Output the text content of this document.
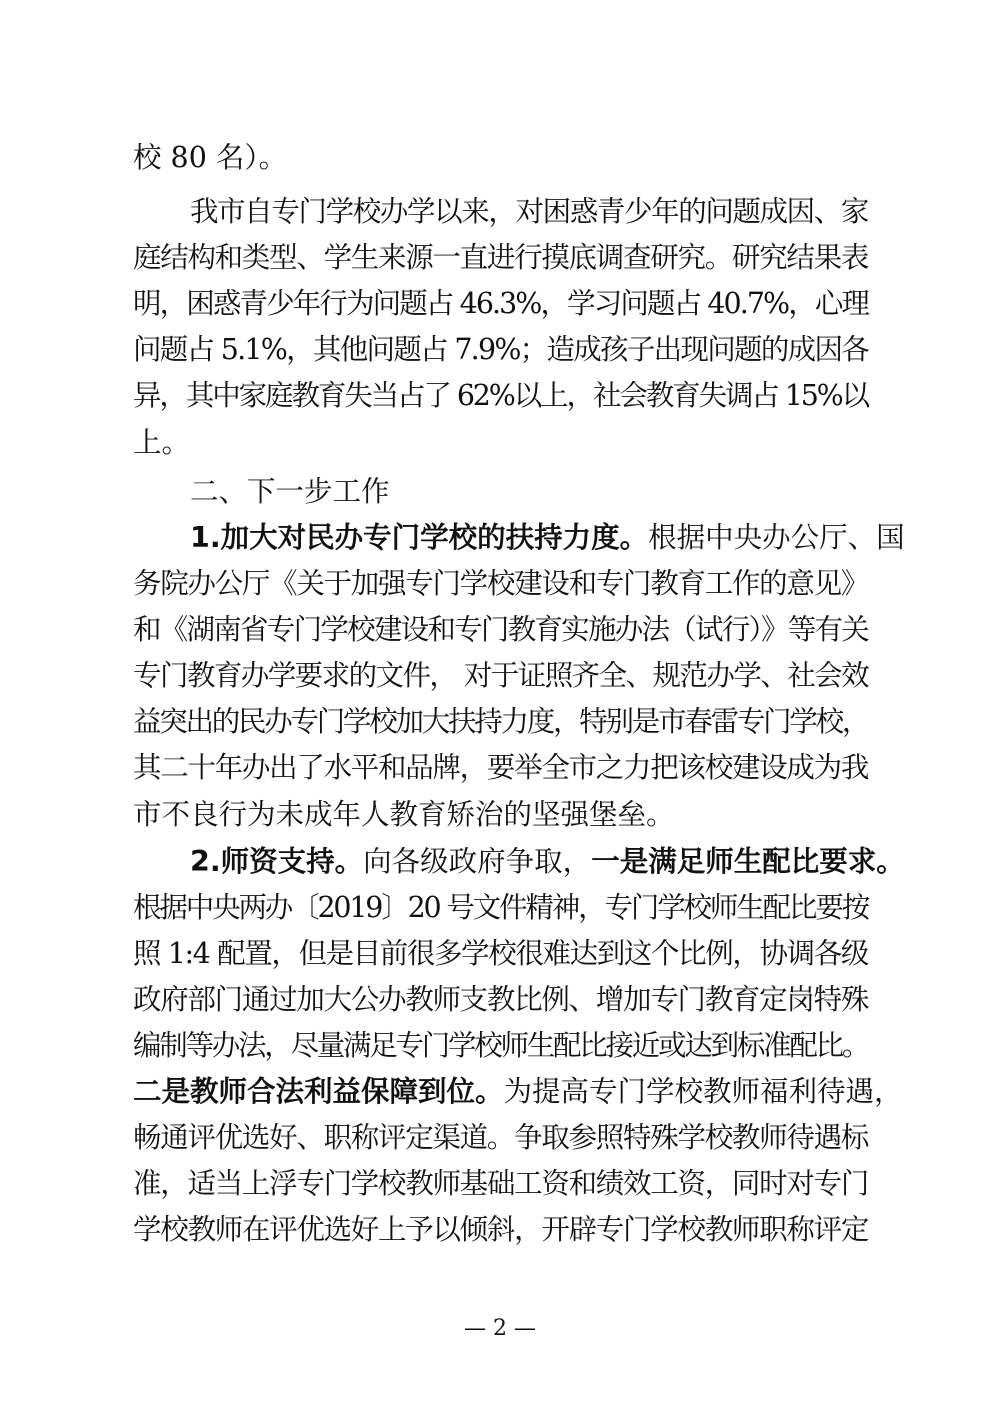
校 80 名）。
我市自专门学校办学以来，对困惑青少年的问题成因、家
庭结构和类型、学生来源一直进行摸底调查研究。研究结果表
明，困惑青少年行为问题占 46.3%，学习问题占 40.7%，心理
问题占 5.1%，其他问题占 7.9%；造成孩子出现问题的成因各
异，其中家庭教育失当占了 62%以上，社会教育失调占 15%以
上。
二、下一步工作
1.加大对民办专门学校的扶持力度。 根据中央办公厅、国
务院办公厅《关于加强专门学校建设和专门教育工作的意见》
和《湖南省专门学校建设和专门教育实施办法（试行）》等有关
专门教育办学要求的文件， 对于证照齐全、规范办学、社会效
益突出的民办专门学校加大扶持力度，特别是市春雷专门学校，
其二十年办出了水平和品牌，要举全市之力把该校建设成为我
市不良行为未成年人教育矫治的坚强堡垒。
2.师资支持。 向各级政府争取， 一是满足师生配比要求。
根据中央两办〔2019〕20 号文件精神，专门学校师生配比要按
照 1:4 配置，但是目前很多学校很难达到这个比例，协调各级
政府部门通过加大公办教师支教比例、增加专门教育定岗特殊
编制等办法，尽量满足专门学校师生配比接近或达到标准配比。
二是教师合法利益保障到位。 为提高专门学校教师福利待遇，
畅通评优选好、职称评定渠道。争取参照特殊学校教师待遇标
准，适当上浮专门学校教师基础工资和绩效工资，同时对专门
学校教师在评优选好上予以倾斜，开辟专门学校教师职称评定
— 2 —
